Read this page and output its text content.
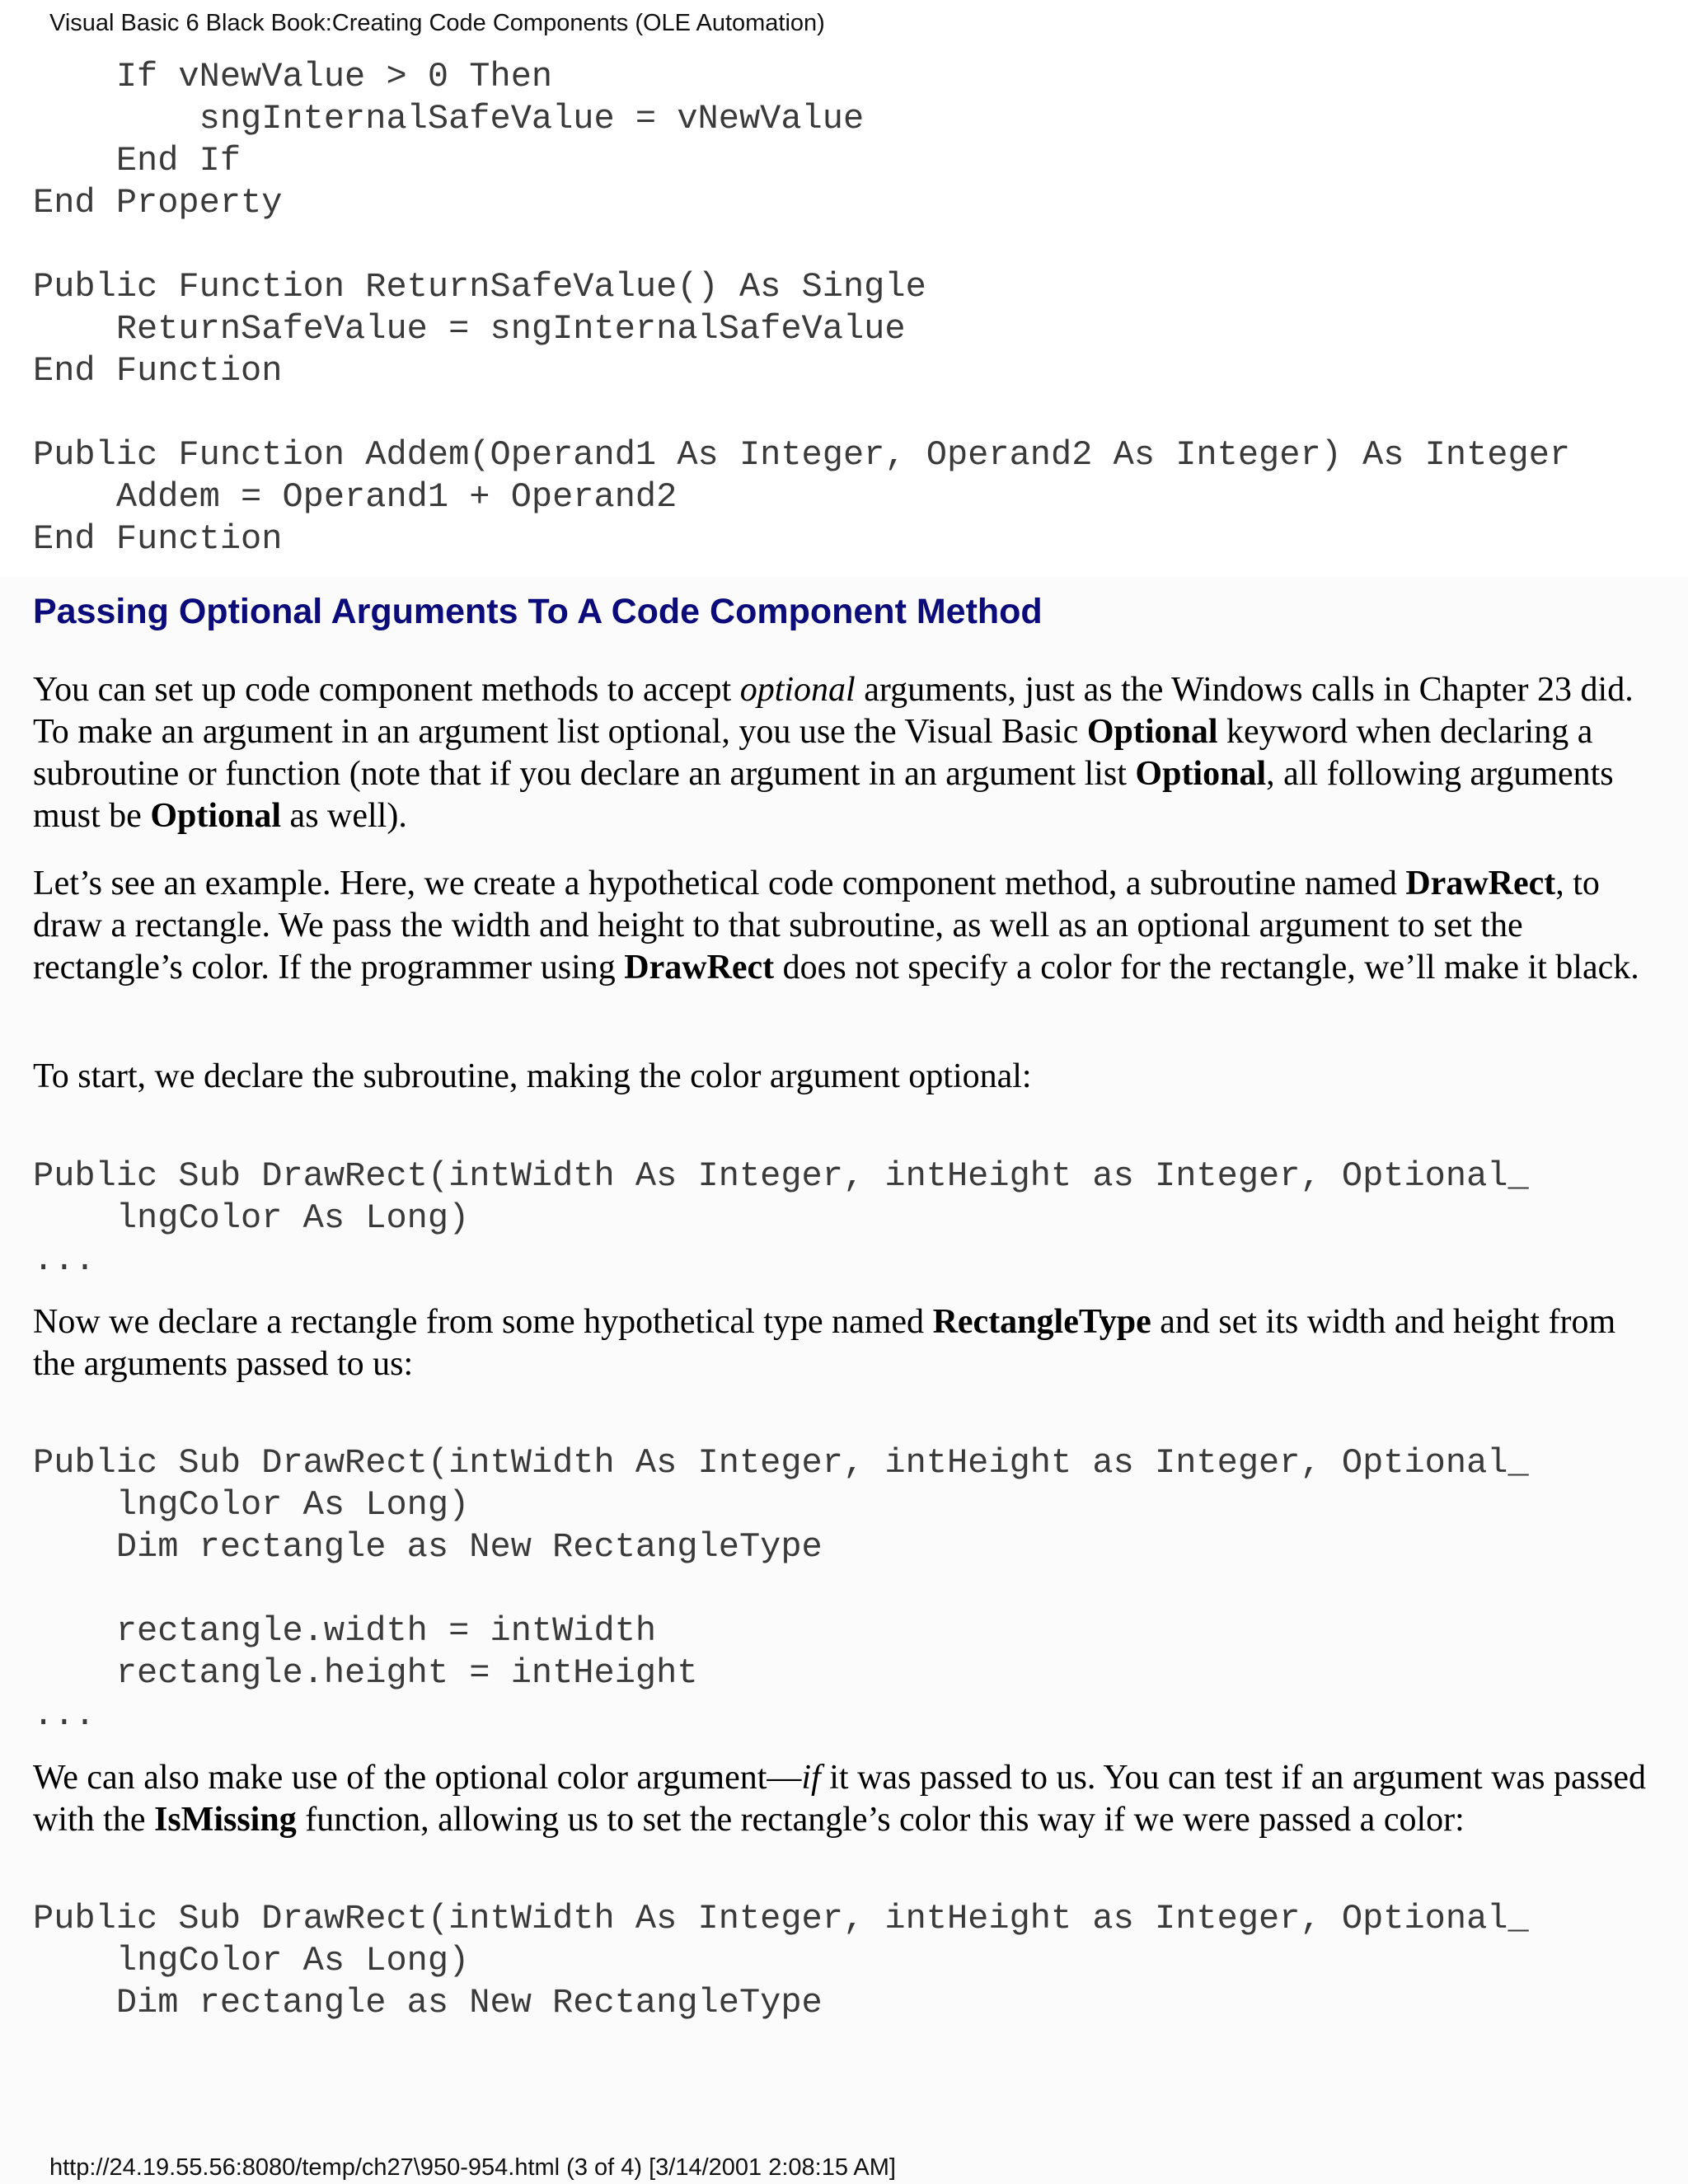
Visual Basic 6 Black Book:Creating Code Components (OLE Automation)
If vNewValue > 0 Then
sngInternalSafeValue = vNewValue
End If
End Property

Public Function ReturnSafeValue() As Single
ReturnSafeValue = sngInternalSafeValue
End Function

Public Function Addem(Operand1 As Integer, Operand2 As Integer) As Integer
Addem = Operand1 + Operand2
End Function
Passing Optional Arguments To A Code Component Method

You can set up code component methods to accept optional arguments, just as the Windows calls in Chapter 23 did. To make an argument in an argument list optional, you use the Visual Basic Optional keyword when declaring a subroutine or function (note that if you declare an argument in an argument list Optional, all following arguments must be Optional as well).

Let’s see an example. Here, we create a hypothetical code component method, a subroutine named DrawRect, to draw a rectangle. We pass the width and height to that subroutine, as well as an optional argument to set the rectangle’s color. If the programmer using DrawRect does not specify a color for the rectangle, we’ll make it black.

To start, we declare the subroutine, making the color argument optional:

Public Sub DrawRect(intWidth As Integer, intHeight as Integer, Optional_
lngColor As Long)
...

Now we declare a rectangle from some hypothetical type named RectangleType and set its width and height from the arguments passed to us:

Public Sub DrawRect(intWidth As Integer, intHeight as Integer, Optional_
lngColor As Long)
Dim rectangle as New RectangleType

rectangle.width = intWidth
rectangle.height = intHeight
...

We can also make use of the optional color argument—if it was passed to us. You can test if an argument was passed with the IsMissing function, allowing us to set the rectangle’s color this way if we were passed a color:

Public Sub DrawRect(intWidth As Integer, intHeight as Integer, Optional_
lngColor As Long)
Dim rectangle as New RectangleType
http://24.19.55.56:8080/temp/ch27\950-954.html (3 of 4) [3/14/2001 2:08:15 AM]
